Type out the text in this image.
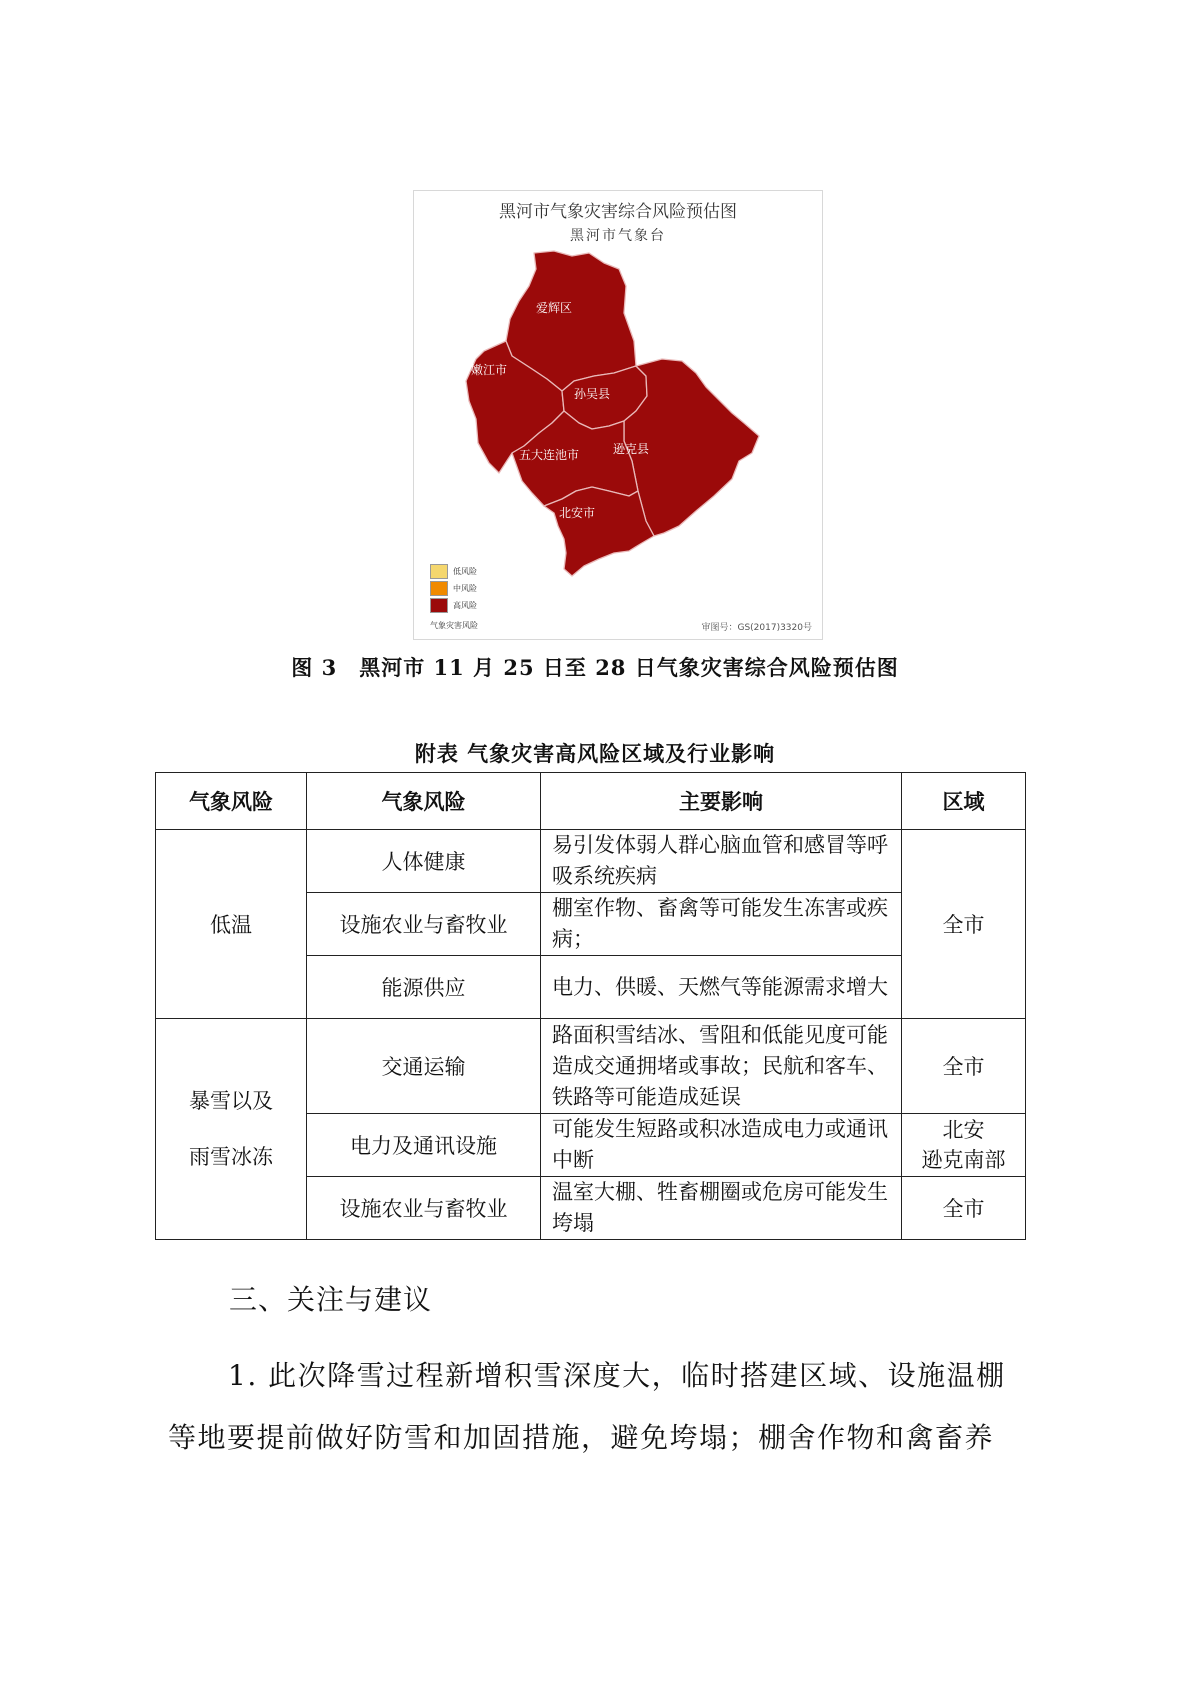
黑河市气象灾害综合风险预估图
黑河市气象台
爱辉区
嫩江市
孙吴县
五大连池市	逊克县
北安市
低风险
中风险
高风险
气象灾害风险	审图号：GS(2017)3320号
图 3　黑河市 11 月 25 日至 28 日气象灾害综合风险预估图
附表 气象灾害高风险区域及行业影响
气象风险	气象风险	主要影响	区域
低温	人体健康	易引发体弱人群心脑血管和感冒等呼吸系统疾病	全市
	设施农业与畜牧业	棚室作物、畜禽等可能发生冻害或疾病；	
	能源供应	电力、供暖、天燃气等能源需求增大	
暴雪以及
雨雪冰冻	交通运输	路面积雪结冰、雪阻和低能见度可能造成交通拥堵或事故；民航和客车、铁路等可能造成延误	全市
	电力及通讯设施	可能发生短路或积冰造成电力或通讯中断	北安
逊克南部
	设施农业与畜牧业	温室大棚、牲畜棚圈或危房可能发生垮塌	全市
三、关注与建议
1. 此次降雪过程新增积雪深度大，临时搭建区域、设施温棚等地要提前做好防雪和加固措施，避免垮塌；棚舍作物和禽畜养
